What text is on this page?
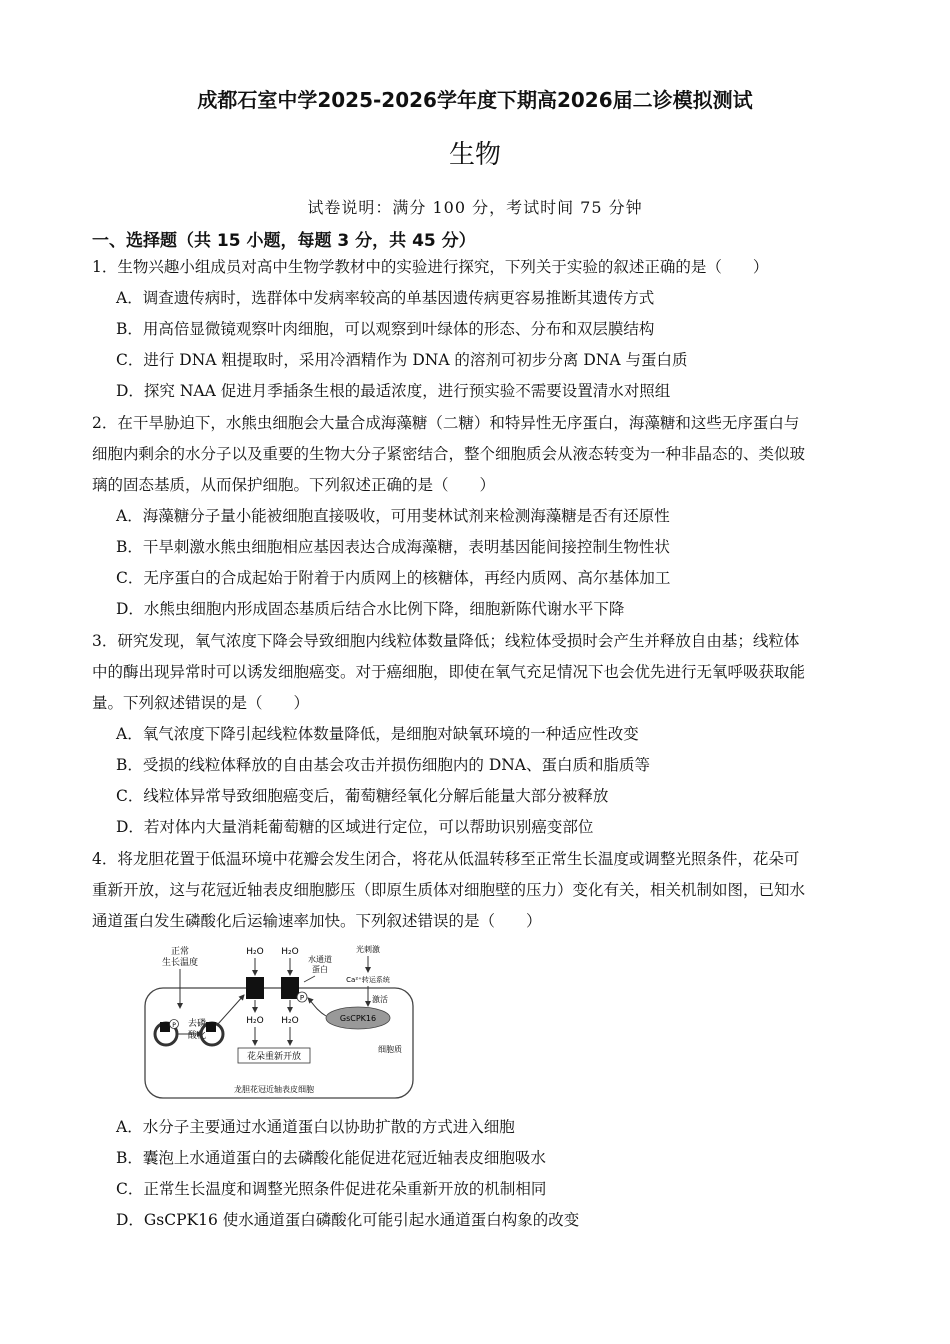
成都石室中学2025-2026学年度下期高2026届二诊模拟测试
生物
试卷说明：满分 100 分，考试时间 75 分钟
一、选择题（共 15 小题，每题 3 分，共 45 分）
1．生物兴趣小组成员对高中生物学教材中的实验进行探究，下列关于实验的叙述正确的是（　　）
A．调查遗传病时，选群体中发病率较高的单基因遗传病更容易推断其遗传方式
B．用高倍显微镜观察叶肉细胞，可以观察到叶绿体的形态、分布和双层膜结构
C．进行 DNA 粗提取时，采用冷酒精作为 DNA 的溶剂可初步分离 DNA 与蛋白质
D．探究 NAA 促进月季插条生根的最适浓度，进行预实验不需要设置清水对照组
2．在干旱胁迫下，水熊虫细胞会大量合成海藻糖（二糖）和特异性无序蛋白，海藻糖和这些无序蛋白与
细胞内剩余的水分子以及重要的生物大分子紧密结合，整个细胞质会从液态转变为一种非晶态的、类似玻
璃的固态基质，从而保护细胞。下列叙述正确的是（　　）
A．海藻糖分子量小能被细胞直接吸收，可用斐林试剂来检测海藻糖是否有还原性
B．干旱刺激水熊虫细胞相应基因表达合成海藻糖，表明基因能间接控制生物性状
C．无序蛋白的合成起始于附着于内质网上的核糖体，再经内质网、高尔基体加工
D．水熊虫细胞内形成固态基质后结合水比例下降，细胞新陈代谢水平下降
3．研究发现，氧气浓度下降会导致细胞内线粒体数量降低；线粒体受损时会产生并释放自由基；线粒体
中的酶出现异常时可以诱发细胞癌变。对于癌细胞，即使在氧气充足情况下也会优先进行无氧呼吸获取能
量。下列叙述错误的是（　　）
A．氧气浓度下降引起线粒体数量降低，是细胞对缺氧环境的一种适应性改变
B．受损的线粒体释放的自由基会攻击并损伤细胞内的 DNA、蛋白质和脂质等
C．线粒体异常导致细胞癌变后，葡萄糖经氧化分解后能量大部分被释放
D．若对体内大量消耗葡萄糖的区域进行定位，可以帮助识别癌变部位
4．将龙胆花置于低温环境中花瓣会发生闭合，将花从低温转移至正常生长温度或调整光照条件，花朵可
重新开放，这与花冠近轴表皮细胞膨压（即原生质体对细胞壁的压力）变化有关，相关机制如图，已知水
通道蛋白发生磷酸化后运输速率加快。下列叙述错误的是（　　）
正常
生长温度
H₂O H₂O
水通道
蛋白
光刺激
Ca²⁺转运系统
激活
P
GsCPK16
P 去磷
酸化
H₂O H₂O
花朵重新开放
细胞质
龙胆花冠近轴表皮细胞
A．水分子主要通过水通道蛋白以协助扩散的方式进入细胞
B．囊泡上水通道蛋白的去磷酸化能促进花冠近轴表皮细胞吸水
C．正常生长温度和调整光照条件促进花朵重新开放的机制相同
D．GsCPK16 使水通道蛋白磷酸化可能引起水通道蛋白构象的改变
